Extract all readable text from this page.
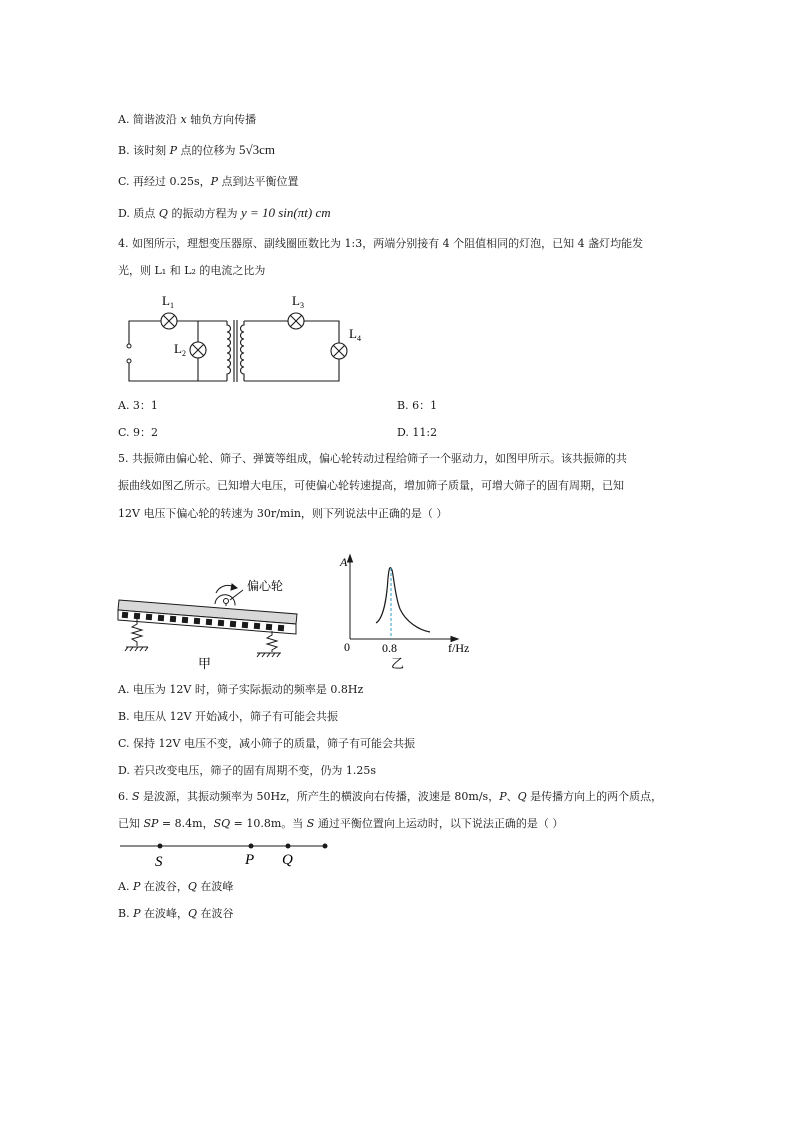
A. 简谐波沿 x 轴负方向传播
B. 该时刻 P 点的位移为 5√3cm
C. 再经过 0.25s，P 点到达平衡位置
D. 质点 Q 的振动方程为 y = 10 sin(πt) cm
4. 如图所示，理想变压器原、副线圈匝数比为 1:3，两端分别接有 4 个阻值相同的灯泡，已知 4 盏灯均能发
光，则 L₁ 和 L₂ 的电流之比为
$L_1$
$L_2$
$L_3$
$L_4$
A. 3：1	B. 6：1
C. 9：2	D. 11:2
5. 共振筛由偏心轮、筛子、弹簧等组成，偏心轮转动过程给筛子一个驱动力，如图甲所示。该共振筛的共
振曲线如图乙所示。已知增大电压，可使偏心轮转速提高，增加筛子质量，可增大筛子的固有周期，已知
12V 电压下偏心轮的转速为 30r/min，则下列说法中正确的是（ ）
偏心轮
甲
A
0	0.8	f/Hz
乙
A. 电压为 12V 时，筛子实际振动的频率是 0.8Hz
B. 电压从 12V 开始减小，筛子有可能会共振
C. 保持 12V 电压不变，减小筛子的质量，筛子有可能会共振
D. 若只改变电压，筛子的固有周期不变，仍为 1.25s
6. S 是波源，其振动频率为 50Hz，所产生的横波向右传播，波速是 80m/s，P、Q 是传播方向上的两个质点，
已知 SP = 8.4m，SQ = 10.8m。当 S 通过平衡位置向上运动时，以下说法正确的是（ ）
S	P Q
A. P 在波谷，Q 在波峰
B. P 在波峰，Q 在波谷
